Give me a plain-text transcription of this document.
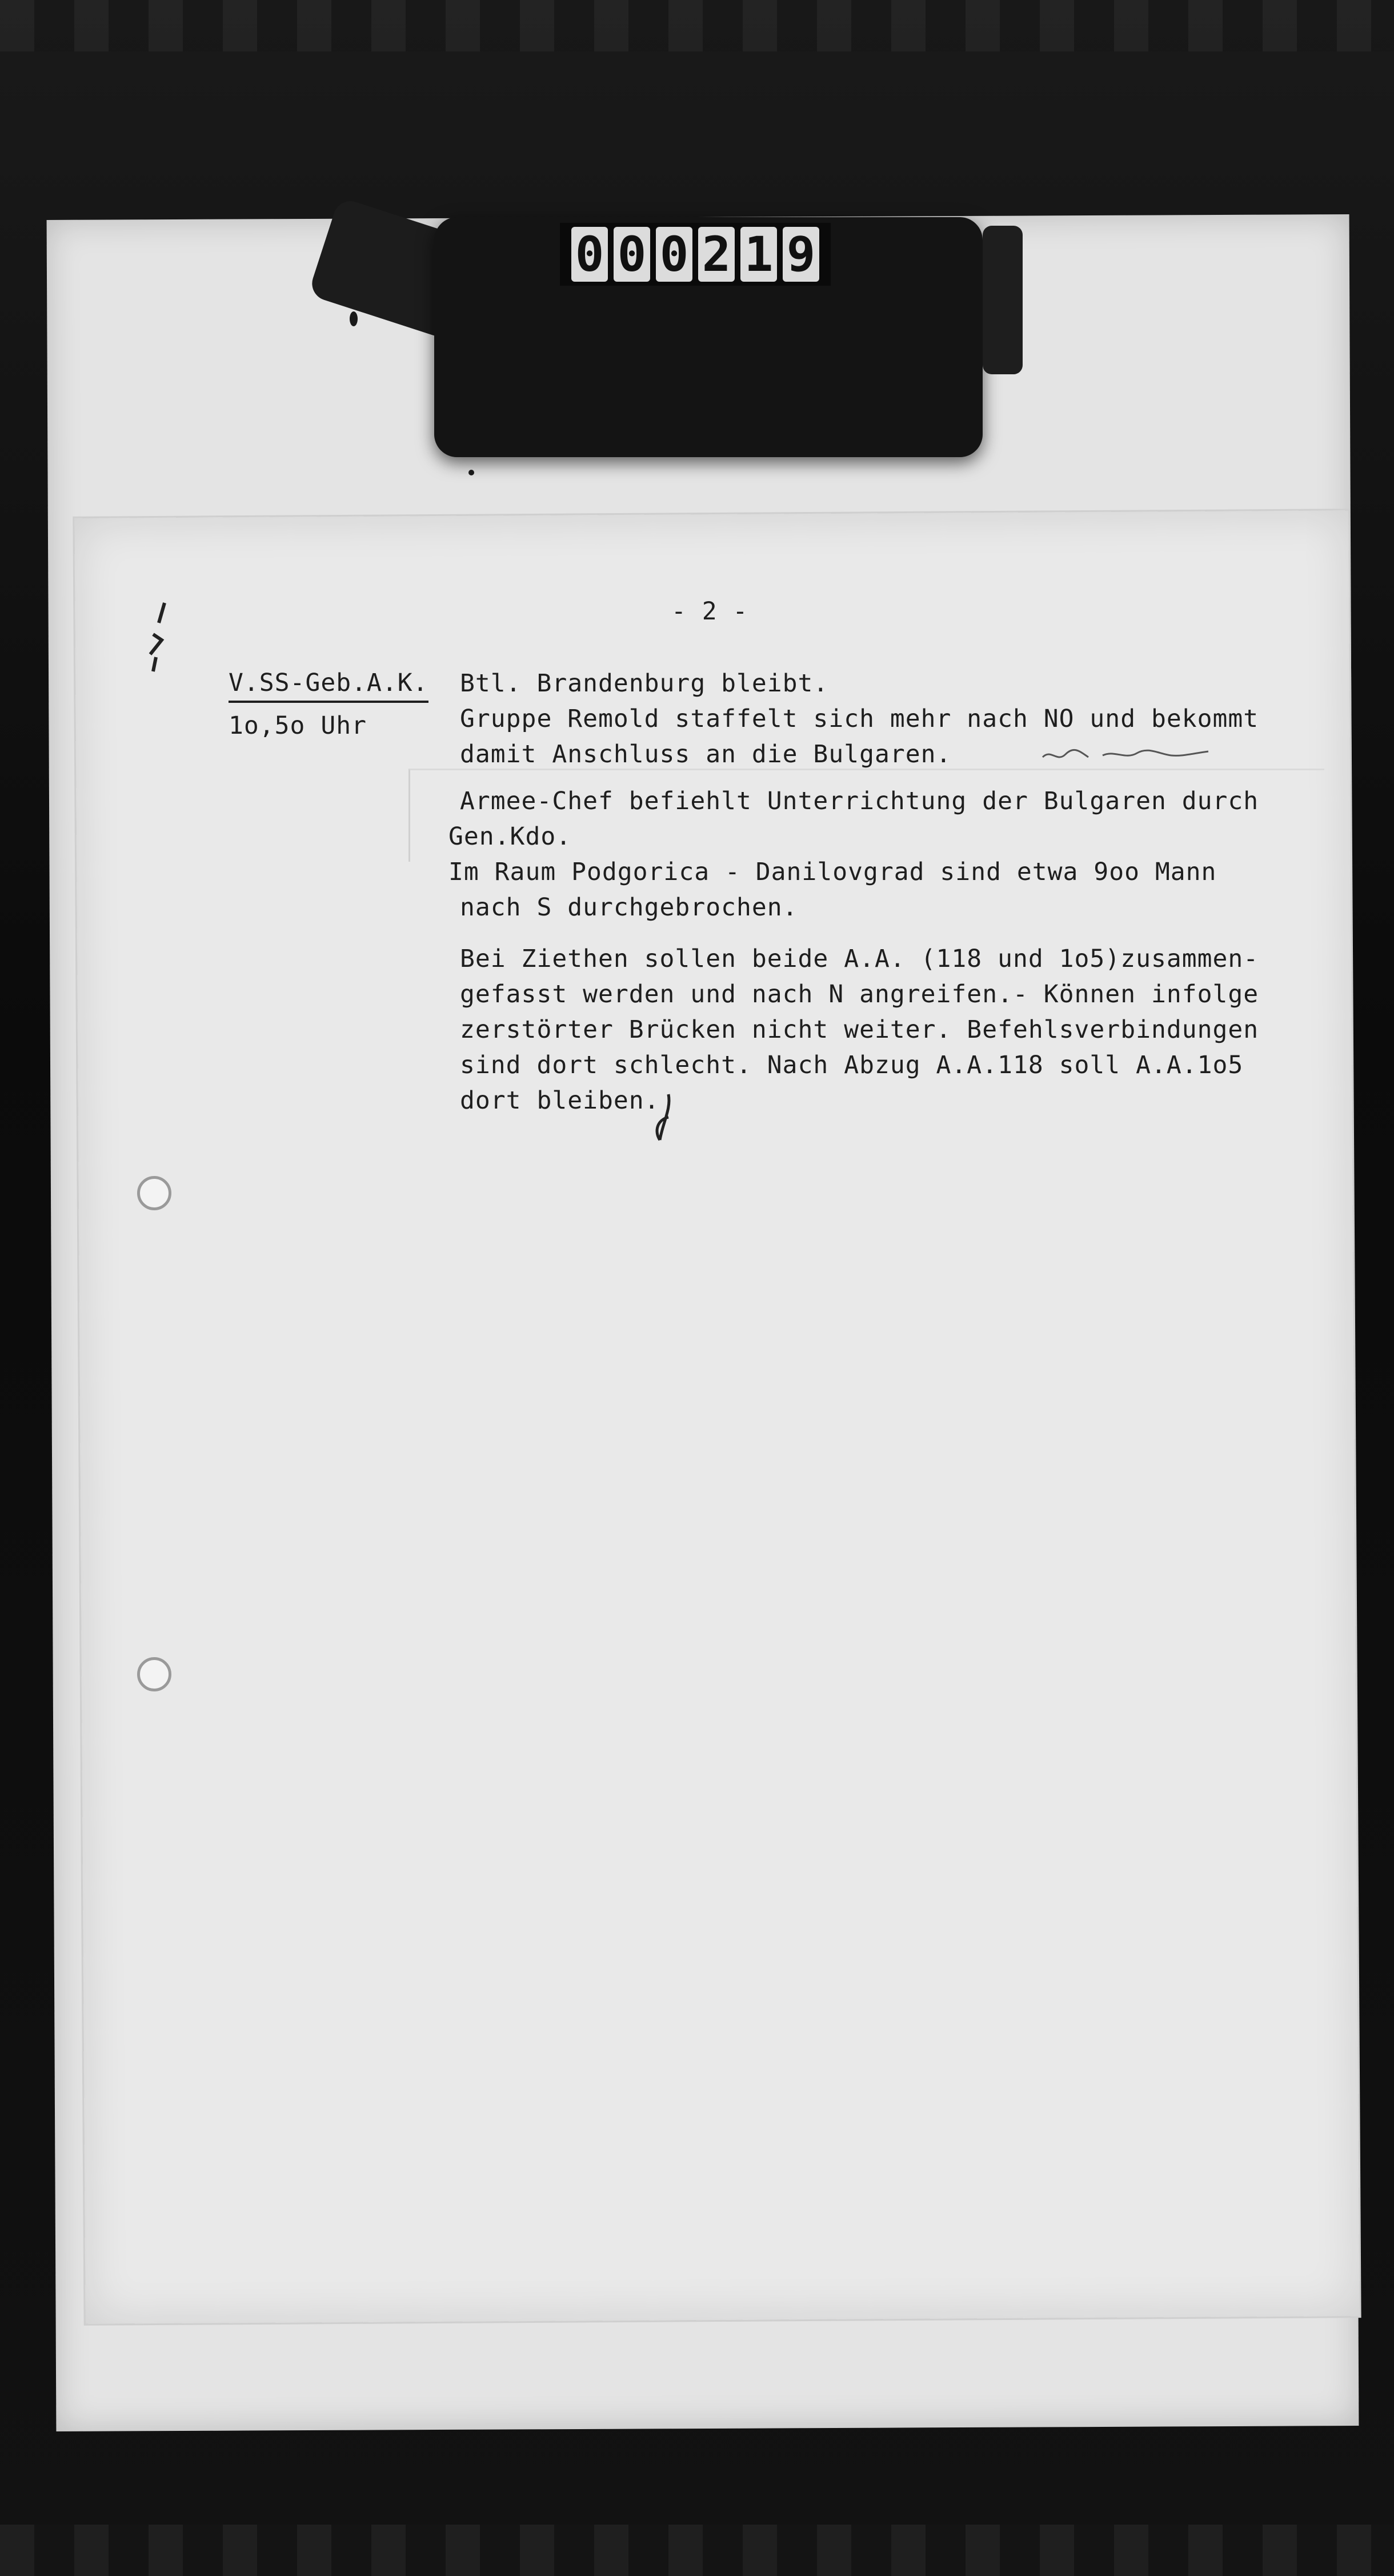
0 0 0 2 1 9
- 2 -
V.SS-Geb.A.K.
1o,5o Uhr
Btl. Brandenburg bleibt.
Gruppe Remold staffelt sich mehr nach NO und bekommt
damit Anschluss an die Bulgaren.
Armee-Chef befiehlt Unterrichtung der Bulgaren durch
Gen.Kdo.
Im Raum Podgorica - Danilovgrad sind etwa 9oo Mann
nach S durchgebrochen.
Bei Ziethen sollen beide A.A. (118 und 1o5)zusammen-
gefasst werden und nach N angreifen.- Können infolge
zerstörter Brücken nicht weiter. Befehlsverbindungen
sind dort schlecht. Nach Abzug A.A.118 soll A.A.1o5
dort bleiben.
